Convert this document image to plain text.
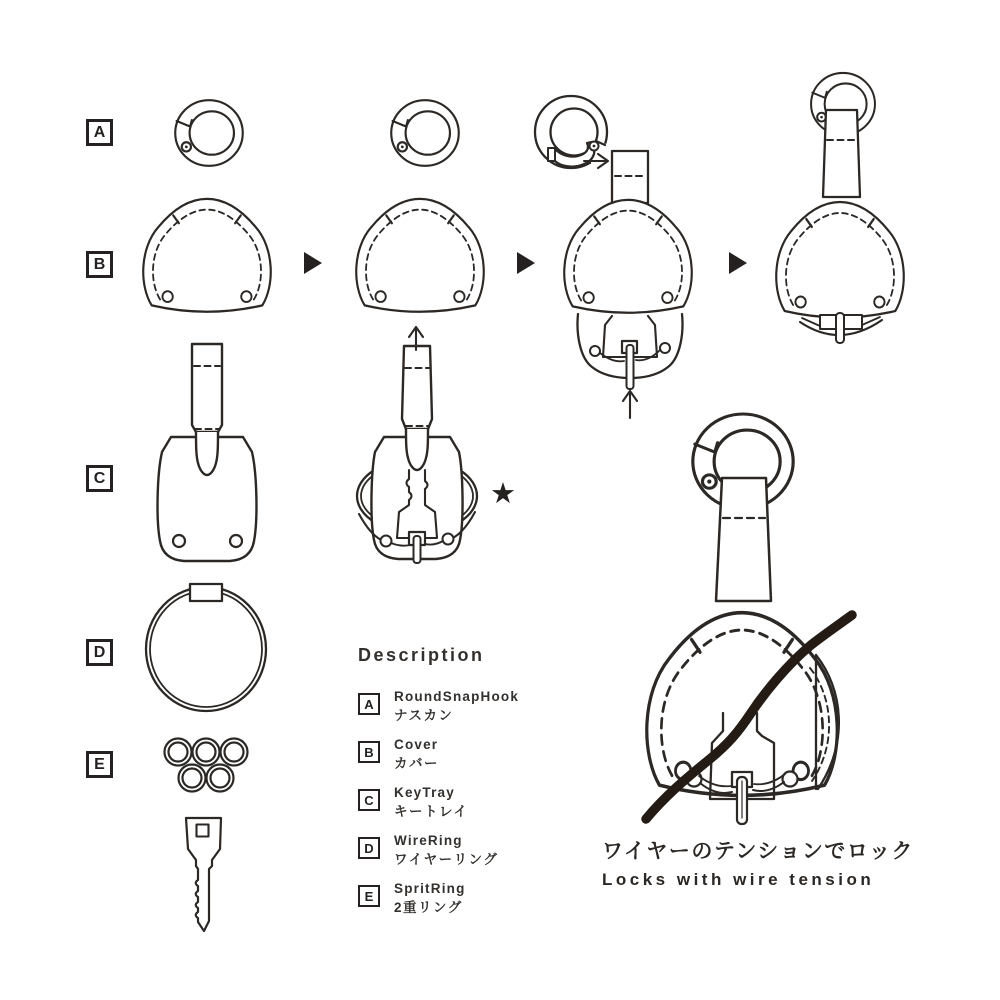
A
B
C
D
E
★
Description
A	RoundSnapHook
ナスカン
B	Cover
カバー
C	KeyTray
キートレイ
D	WireRing
ワイヤーリング
E	SpritRing
2重リング
ワイヤーのテンションでロック
Locks with wire tension
